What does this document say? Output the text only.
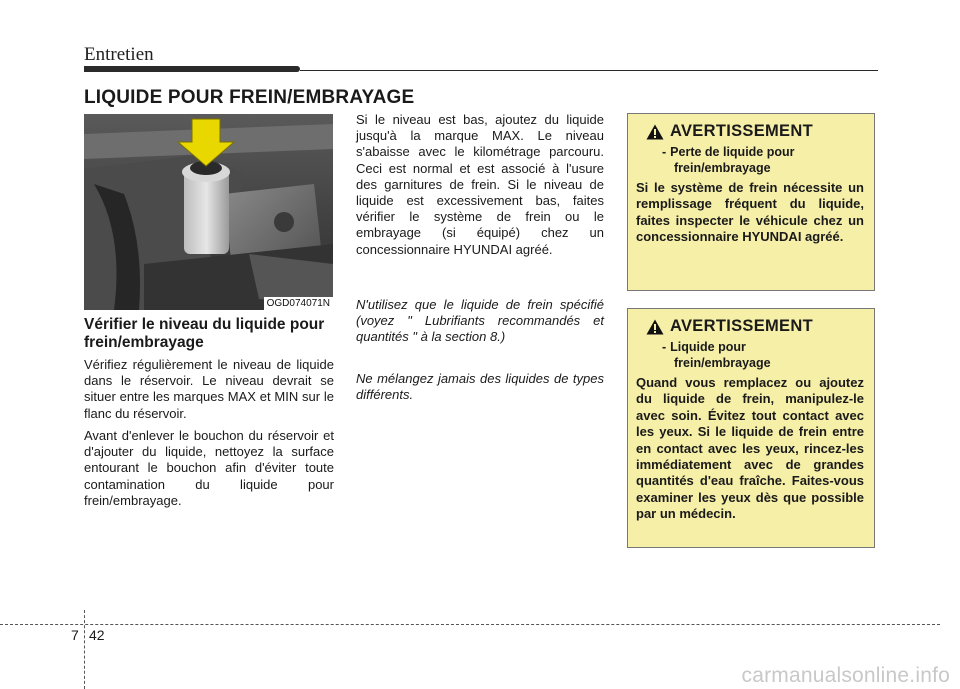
Entretien
LIQUIDE POUR FREIN/EMBRAYAGE
OGD074071N
Vérifier le niveau du liquide pour frein/embrayage

Vérifiez régulièrement le niveau de liquide dans le réservoir. Le niveau devrait se situer entre les marques MAX et MIN sur le flanc du réservoir.

Avant d'enlever le bouchon du réservoir et d'ajouter du liquide, nettoyez la surface entourant le bouchon afin d'éviter toute contamination du liquide pour frein/embrayage.

Si le niveau est bas, ajoutez du liquide jusqu'à la marque MAX. Le niveau s'abaisse avec le kilométrage parcouru. Ceci est normal et est associé à l'usure des garnitures de frein. Si le niveau de liquide est excessivement bas, faites vérifier le système de frein ou le embrayage (si équipé) chez un concessionnaire HYUNDAI agréé.

N'utilisez que le liquide de frein spécifié (voyez " Lubrifiants recommandés et quantités " à la section 8.)

Ne mélangez jamais des liquides de types différents.

AVERTISSEMENT
- Perte de liquide pour
frein/embrayage

Si le système de frein nécessite un remplissage fréquent du liquide, faites inspecter le véhicule chez un concessionnaire HYUNDAI agréé.

AVERTISSEMENT
- Liquide pour
frein/embrayage

Quand vous remplacez ou ajoutez du liquide de frein, manipulez-le avec soin. Évitez tout contact avec les yeux. Si le liquide de frein entre en contact avec les yeux, rincez-les immédiatement avec de grandes quantités d'eau fraîche. Faites-vous examiner les yeux dès que possible par un médecin.

7 42
carmanualsonline.info
